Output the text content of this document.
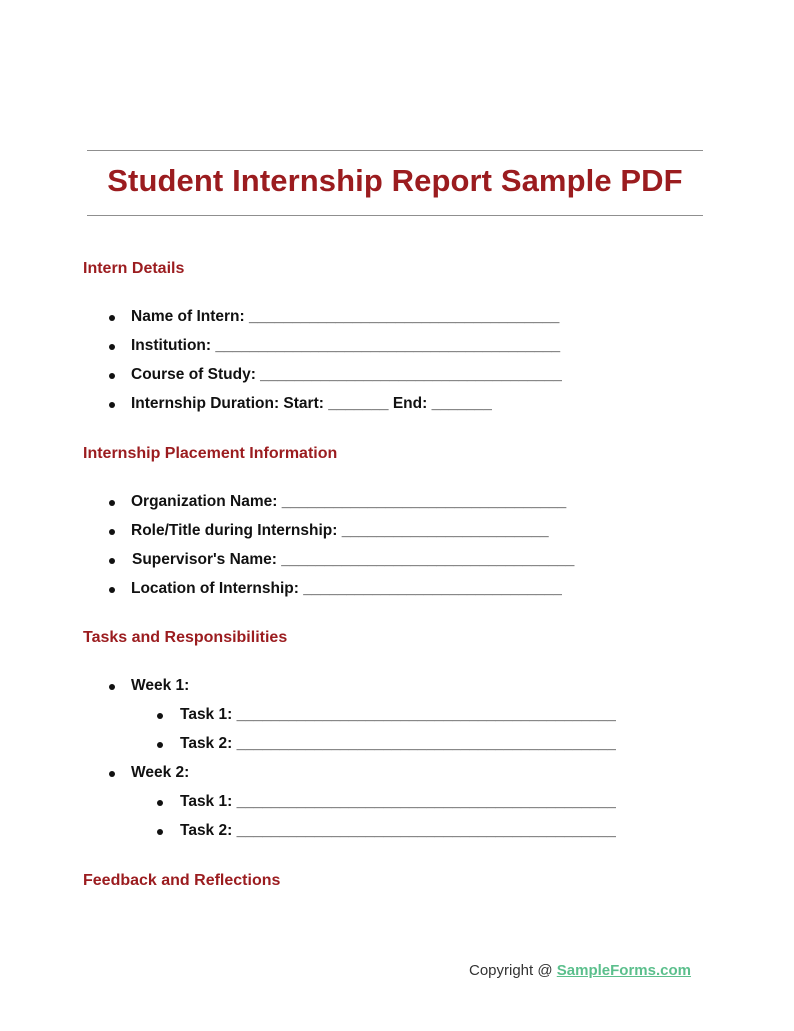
Student Internship Report Sample PDF
Intern Details
Name of Intern: ____________________________________
Institution: ________________________________________
Course of Study: ___________________________________
Internship Duration: Start: _______ End: _______
Internship Placement Information
Organization Name: _________________________________
Role/Title during Internship: ________________________
Supervisor's Name: __________________________________
Location of Internship: ______________________________
Tasks and Responsibilities
Week 1:
Task 1: ____________________________________________
Task 2: ____________________________________________
Week 2:
Task 1: ____________________________________________
Task 2: ____________________________________________
Feedback and Reflections
Copyright @ SampleForms.com
